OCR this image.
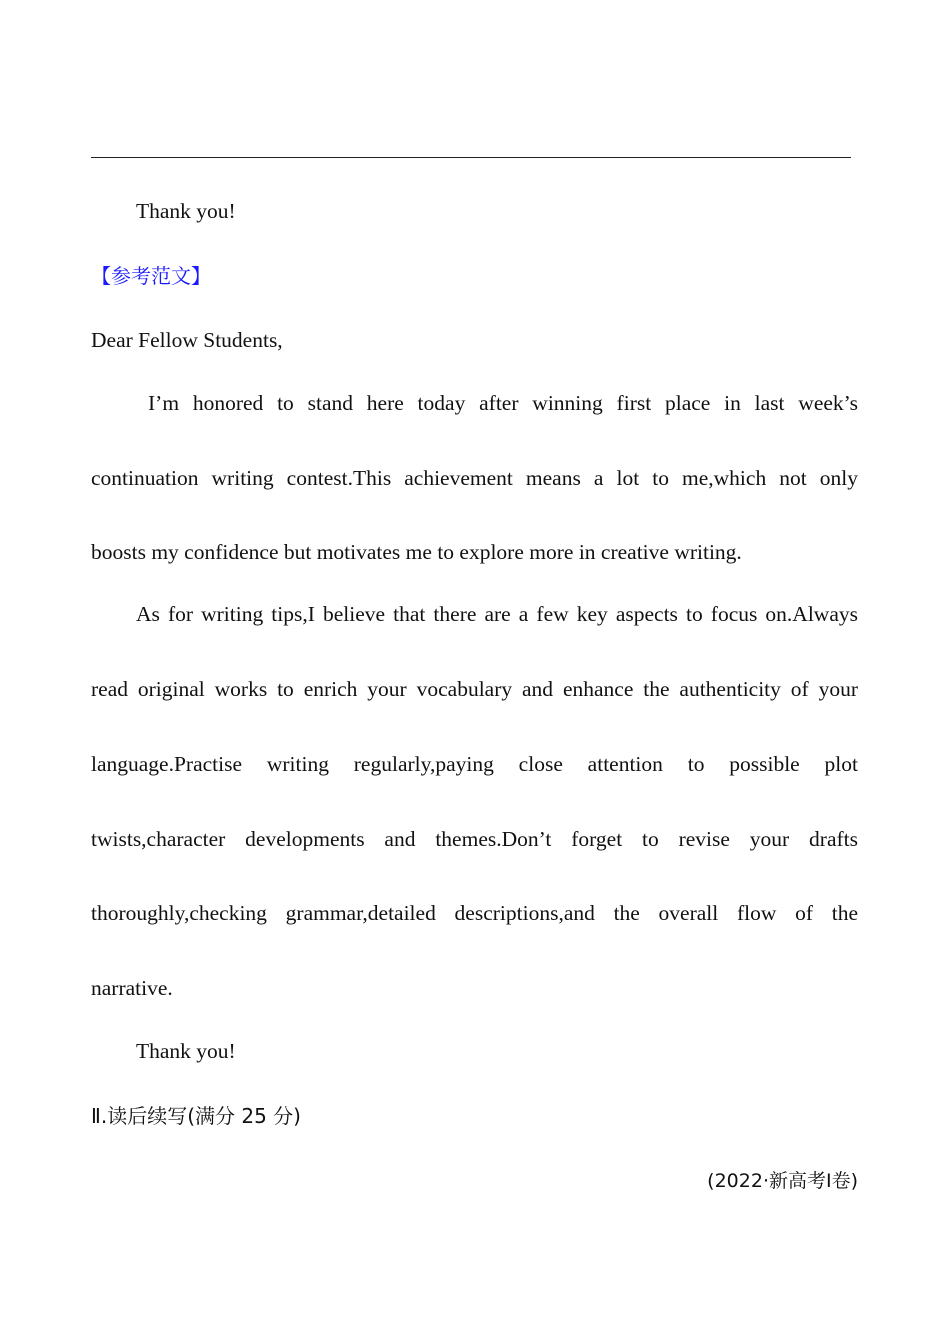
Thank you!
【参考范文】
Dear Fellow Students,
I’m honored to stand here today after winning first place in last week’s
continuation writing contest.This achievement means a lot to me,which not only
boosts my confidence but motivates me to explore more in creative writing.
As for writing tips,I believe that there are a few key aspects to focus on.Always
read original works to enrich your vocabulary and enhance the authenticity of your
language.Practise writing regularly,paying close attention to possible plot
twists,character developments and themes.Don’t forget to revise your drafts
thoroughly,checking grammar,detailed descriptions,and the overall flow of the
narrative.
Thank you!
Ⅱ.读后续写(满分 25 分)
(2022·新高考Ⅰ卷)
